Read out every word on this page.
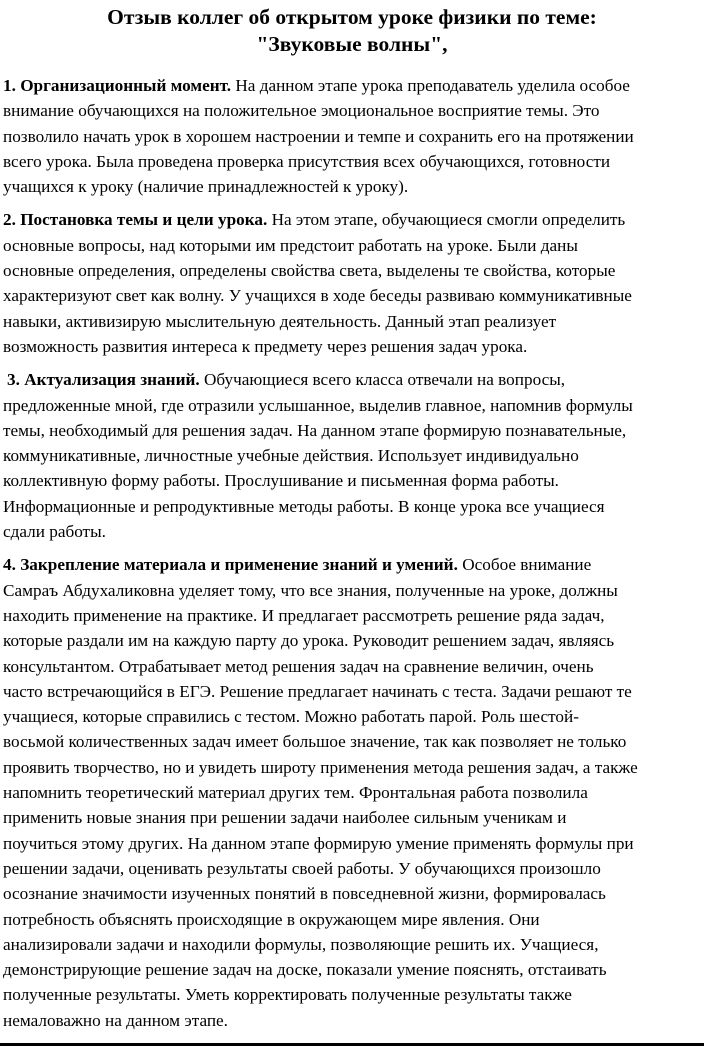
Отзыв коллег об открытом уроке физики по теме:
"Звуковые волны",
1. Организационный момент. На данном этапе урока преподаватель уделила особое
внимание обучающихся на положительное эмоциональное восприятие темы. Это
позволило начать урок в хорошем настроении и темпе и сохранить его на протяжении
всего урока. Была проведена проверка присутствия всех обучающихся, готовности
учащихся к уроку (наличие принадлежностей к уроку).
2. Постановка темы и цели урока. На этом этапе, обучающиеся смогли определить
основные вопросы, над которыми им предстоит работать на уроке. Были даны
основные определения, определены свойства света, выделены те свойства, которые
характеризуют свет как волну. У учащихся в ходе беседы развиваю коммуникативные
навыки, активизирую мыслительную деятельность. Данный этап реализует
возможность развития интереса к предмету через решения задач урока.
3. Актуализация знаний. Обучающиеся всего класса отвечали на вопросы,
предложенные мной, где отразили услышанное, выделив главное, напомнив формулы
темы, необходимый для решения задач. На данном этапе формирую познавательные,
коммуникативные, личностные учебные действия. Использует индивидуально
коллективную форму работы. Прослушивание и письменная форма работы.
Информационные и репродуктивные методы работы. В конце урока все учащиеся
сдали работы.
4. Закрепление материала и применение знаний и умений. Особое внимание
Самраъ Абдухаликовна уделяет тому, что все знания, полученные на уроке, должны
находить применение на практике. И предлагает рассмотреть решение ряда задач,
которые раздали им на каждую парту до урока. Руководит решением задач, являясь
консультантом. Отрабатывает метод решения задач на сравнение величин, очень
часто встречающийся в ЕГЭ. Решение предлагает начинать с теста. Задачи решают те
учащиеся, которые справились с тестом. Можно работать парой. Роль шестой-
восьмой количественных задач имеет большое значение, так как позволяет не только
проявить творчество, но и увидеть широту применения метода решения задач, а также
напомнить теоретический материал других тем. Фронтальная работа позволила
применить новые знания при решении задачи наиболее сильным ученикам и
поучиться этому других. На данном этапе формирую умение применять формулы при
решении задачи, оценивать результаты своей работы. У обучающихся произошло
осознание значимости изученных понятий в повседневной жизни, формировалась
потребность объяснять происходящие в окружающем мире явления. Они
анализировали задачи и находили формулы, позволяющие решить их. Учащиеся,
демонстрирующие решение задач на доске, показали умение пояснять, отстаивать
полученные результаты. Уметь корректировать полученные результаты также
немаловажно на данном этапе.
